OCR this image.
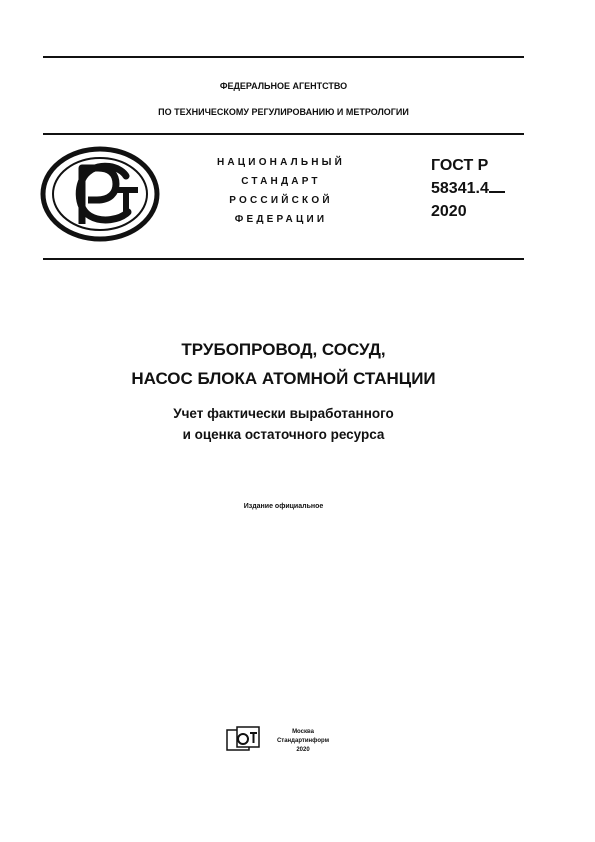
ФЕДЕРАЛЬНОЕ АГЕНТСТВО
ПО ТЕХНИЧЕСКОМУ РЕГУЛИРОВАНИЮ И МЕТРОЛОГИИ
НАЦИОНАЛЬНЫЙ
СТАНДАРТ
РОССИЙСКОЙ
ФЕДЕРАЦИИ
ГОСТ Р
58341.4
2020
ТРУБОПРОВОД, СОСУД,
НАСОС БЛОКА АТОМНОЙ СТАНЦИИ
Учет фактически выработанного
и оценка остаточного ресурса
Издание официальное
Москва
Стандартинформ
2020
